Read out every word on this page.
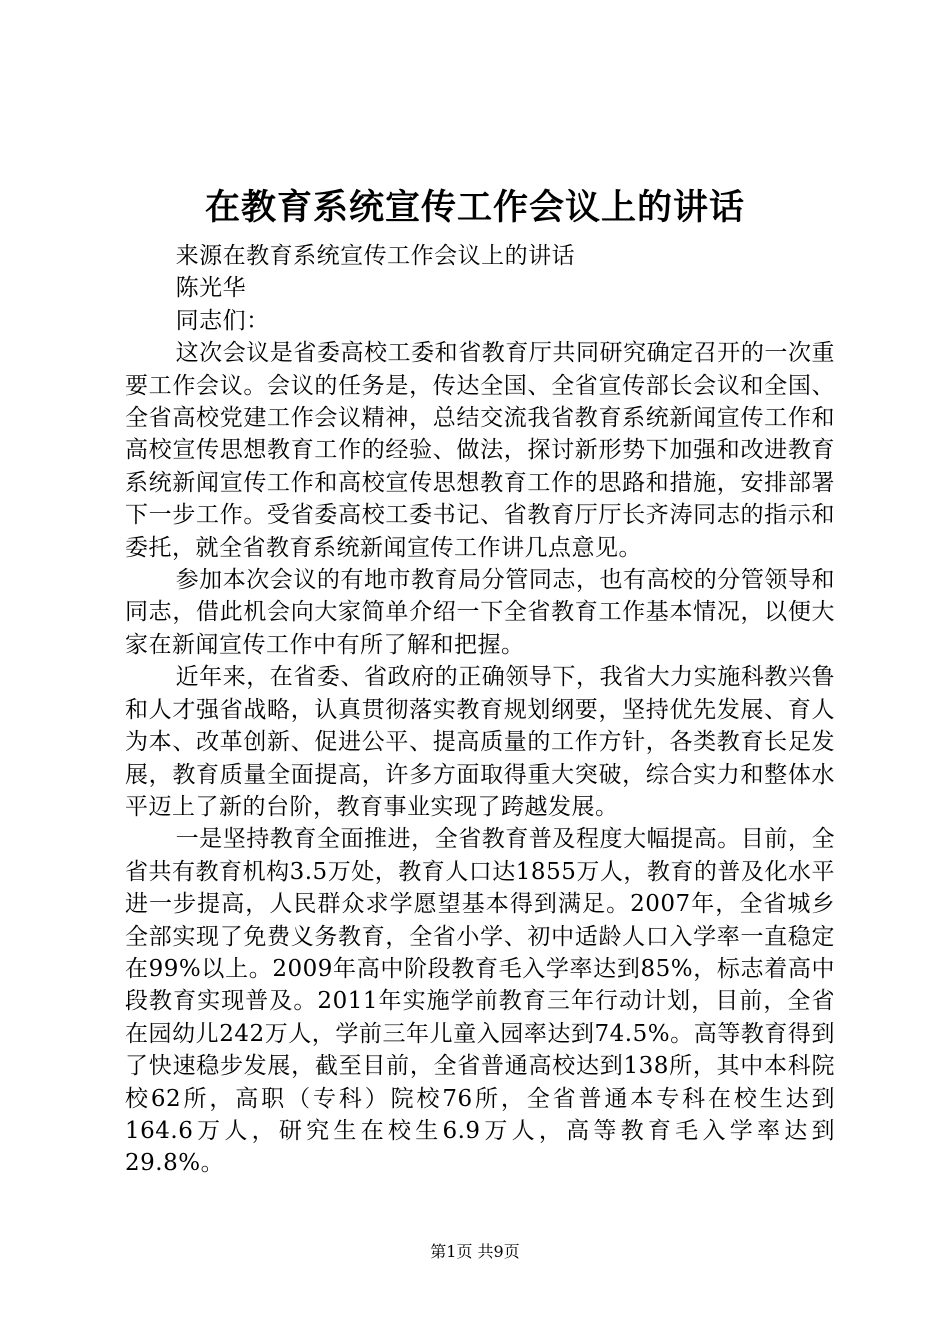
在教育系统宣传工作会议上的讲话

来源在教育系统宣传工作会议上的讲话

陈光华

同志们：

这次会议是省委高校工委和省教育厅共同研究确定召开的一次重要工作会议。会议的任务是，传达全国、全省宣传部长会议和全国、全省高校党建工作会议精神，总结交流我省教育系统新闻宣传工作和高校宣传思想教育工作的经验、做法，探讨新形势下加强和改进教育系统新闻宣传工作和高校宣传思想教育工作的思路和措施，安排部署下一步工作。受省委高校工委书记、省教育厅厅长齐涛同志的指示和委托，就全省教育系统新闻宣传工作讲几点意见。

参加本次会议的有地市教育局分管同志，也有高校的分管领导和同志，借此机会向大家简单介绍一下全省教育工作基本情况，以便大家在新闻宣传工作中有所了解和把握。

近年来，在省委、省政府的正确领导下，我省大力实施科教兴鲁和人才强省战略，认真贯彻落实教育规划纲要，坚持优先发展、育人为本、改革创新、促进公平、提高质量的工作方针，各类教育长足发展，教育质量全面提高，许多方面取得重大突破，综合实力和整体水平迈上了新的台阶，教育事业实现了跨越发展。

一是坚持教育全面推进，全省教育普及程度大幅提高。目前，全省共有教育机构3.5万处，教育人口达1855万人，教育的普及化水平进一步提高，人民群众求学愿望基本得到满足。2007年，全省城乡全部实现了免费义务教育，全省小学、初中适龄人口入学率一直稳定在99%以上。2009年高中阶段教育毛入学率达到85%，标志着高中段教育实现普及。2011年实施学前教育三年行动计划，目前，全省在园幼儿242万人，学前三年儿童入园率达到74.5%。高等教育得到了快速稳步发展，截至目前，全省普通高校达到138所，其中本科院校62所，高职（专科）院校76所，全省普通本专科在校生达到164.6万人，研究生在校生6.9万人，高等教育毛入学率达到29.8%。

第1页 共9页
